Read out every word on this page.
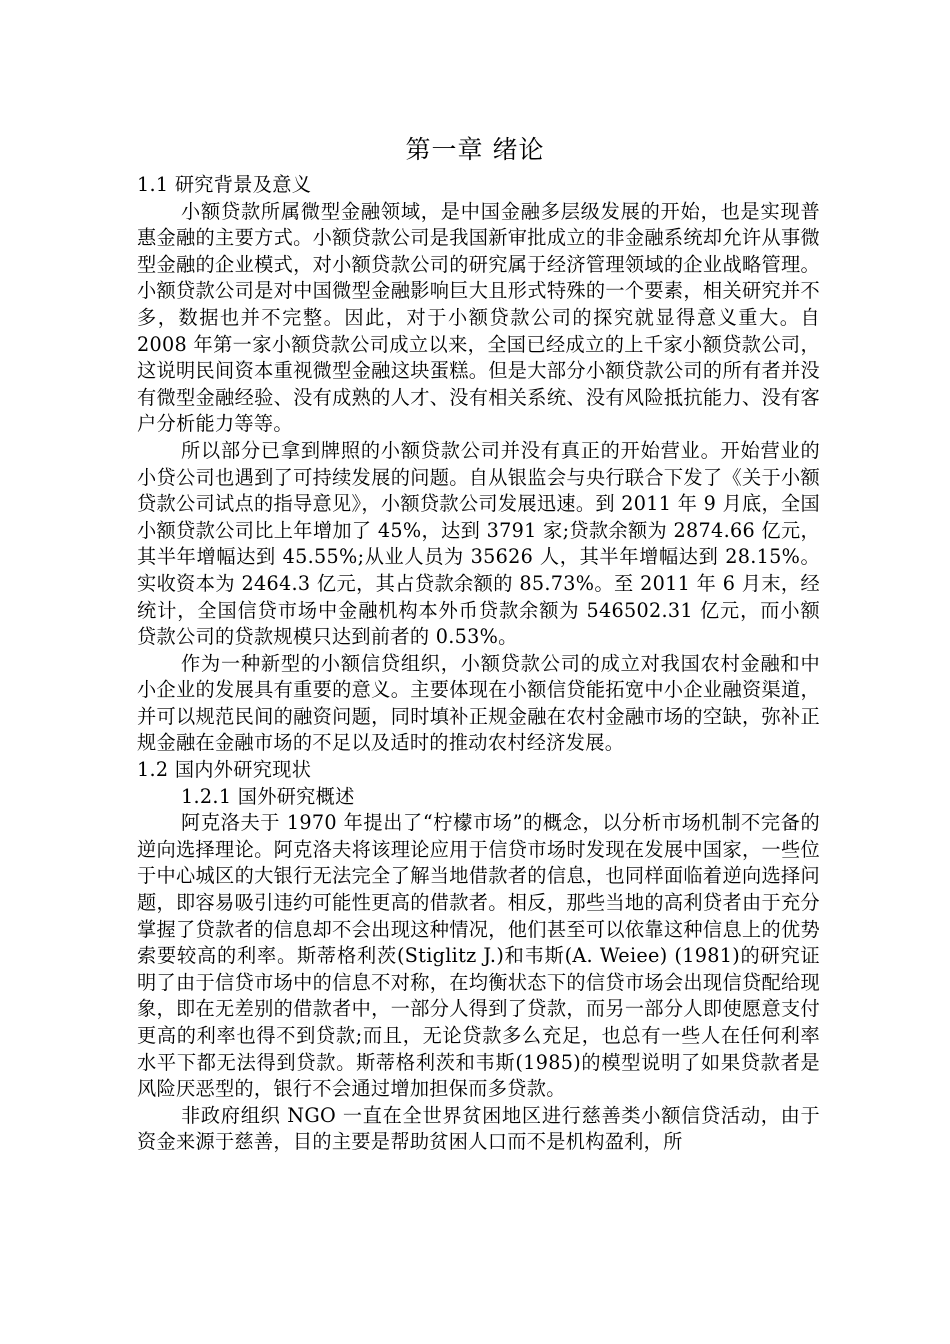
第一章 绪论
1.1 研究背景及意义

小额贷款所属微型金融领域，是中国金融多层级发展的开始，也是实现普惠金融的主要方式。小额贷款公司是我国新审批成立的非金融系统却允许从事微型金融的企业模式，对小额贷款公司的研究属于经济管理领域的企业战略管理。小额贷款公司是对中国微型金融影响巨大且形式特殊的一个要素，相关研究并不多，数据也并不完整。因此，对于小额贷款公司的探究就显得意义重大。自 2008 年第一家小额贷款公司成立以来，全国已经成立的上千家小额贷款公司，这说明民间资本重视微型金融这块蛋糕。但是大部分小额贷款公司的所有者并没有微型金融经验、没有成熟的人才、没有相关系统、没有风险抵抗能力、没有客户分析能力等等。

所以部分已拿到牌照的小额贷款公司并没有真正的开始营业。开始营业的小贷公司也遇到了可持续发展的问题。自从银监会与央行联合下发了《关于小额贷款公司试点的指导意见》，小额贷款公司发展迅速。到 2011 年 9 月底，全国小额贷款公司比上年增加了 45%，达到 3791 家;贷款余额为 2874.66 亿元，其半年增幅达到 45.55%;从业人员为 35626 人，其半年增幅达到 28.15%。实收资本为 2464.3 亿元，其占贷款余额的 85.73%。至 2011 年 6 月末，经统计，全国信贷市场中金融机构本外币贷款余额为 546502.31 亿元，而小额贷款公司的贷款规模只达到前者的 0.53%。

作为一种新型的小额信贷组织，小额贷款公司的成立对我国农村金融和中小企业的发展具有重要的意义。主要体现在小额信贷能拓宽中小企业融资渠道，并可以规范民间的融资问题，同时填补正规金融在农村金融市场的空缺，弥补正规金融在金融市场的不足以及适时的推动农村经济发展。

1.2 国内外研究现状
1.2.1 国外研究概述

阿克洛夫于 1970 年提出了“柠檬市场”的概念，以分析市场机制不完备的逆向选择理论。阿克洛夫将该理论应用于信贷市场时发现在发展中国家，一些位于中心城区的大银行无法完全了解当地借款者的信息，也同样面临着逆向选择问题，即容易吸引违约可能性更高的借款者。相反，那些当地的高利贷者由于充分掌握了贷款者的信息却不会出现这种情况，他们甚至可以依靠这种信息上的优势索要较高的利率。斯蒂格利茨(Stiglitz J.)和韦斯(A. Weiee) (1981)的研究证明了由于信贷市场中的信息不对称，在均衡状态下的信贷市场会出现信贷配给现象，即在无差别的借款者中，一部分人得到了贷款，而另一部分人即使愿意支付更高的利率也得不到贷款;而且，无论贷款多么充足，也总有一些人在任何利率水平下都无法得到贷款。斯蒂格利茨和韦斯(1985)的模型说明了如果贷款者是风险厌恶型的，银行不会通过增加担保而多贷款。

非政府组织 NGO 一直在全世界贫困地区进行慈善类小额信贷活动，由于资金来源于慈善，目的主要是帮助贫困人口而不是机构盈利，所
